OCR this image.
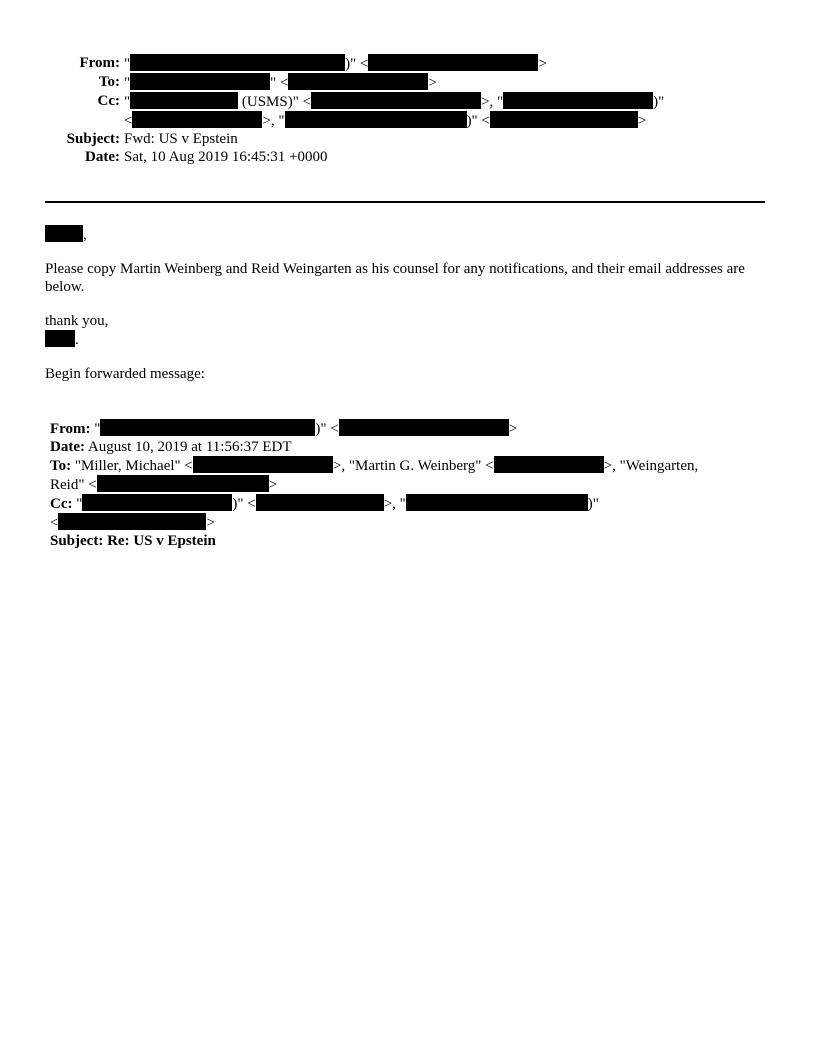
From: "	)" <	>
To: "	" <	>
Cc: "	(USMS)" <	>, "	)"
<	>, "	)" <	>
Subject: Fwd: US v Epstein
Date: Sat, 10 Aug 2019 16:45:31 +0000

,

Please copy Martin Weinberg and Reid Weingarten as his counsel for any notifications, and their email addresses are below.

thank you,

.

Begin forwarded message:

From: "	)" <	>
Date: August 10, 2019 at 11:56:37 EDT
To: "Miller, Michael" <	>, "Martin G. Weinberg" <	>, "Weingarten,
Reid" <	>
Cc: "	)" <	>, "	)"
<	>
Subject: Re: US v Epstein
